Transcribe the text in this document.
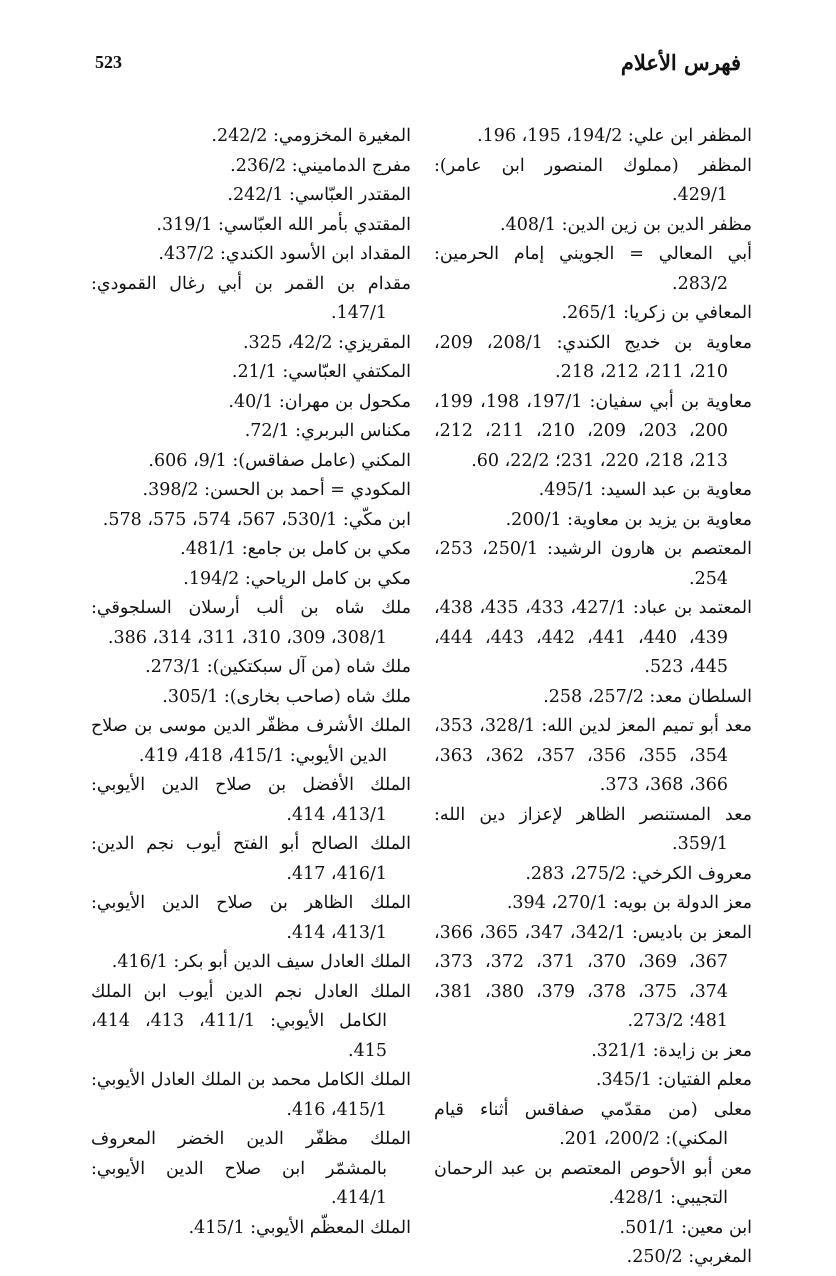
فهرس الأعلام
523
المظفر ابن علي: 194/2، 195، 196.
المظفر (مملوك المنصور ابن عامر): 429/1.
مظفر الدين بن زين الدين: 408/1.
أبي المعالي = الجويني إمام الحرمين: 283/2.
المعافي بن زكريا: 265/1.
معاوية بن خديج الكندي: 208/1، 209، 210، 211، 212، 218.
معاوية بن أبي سفيان: 197/1، 198، 199، 200، 203، 209، 210، 211، 212، 213، 218، 220، 231؛ 22/2، 60.
معاوية بن عبد السيد: 495/1.
معاوية بن يزيد بن معاوية: 200/1.
المعتصم بن هارون الرشيد: 250/1، 253، 254.
المعتمد بن عباد: 427/1، 433، 435، 438، 439، 440، 441، 442، 443، 444، 445، 523.
السلطان معد: 257/2، 258.
معد أبو تميم المعز لدين الله: 328/1، 353، 354، 355، 356، 357، 362، 363، 366، 368، 373.
معد المستنصر الظاهر لإعزاز دين الله: 359/1.
معروف الكرخي: 275/2، 283.
معز الدولة بن بويه: 270/1، 394.
المعز بن باديس: 342/1، 347، 365، 366، 367، 369، 370، 371، 372، 373، 374، 375، 378، 379، 380، 381، 481؛ 273/2.
معز بن زايدة: 321/1.
معلم الفتيان: 345/1.
معلى (من مقدّمي صفاقس أثناء قيام المكني): 200/2، 201.
معن أبو الأحوص المعتصم بن عبد الرحمان التجيبي: 428/1.
ابن معين: 501/1.
المغربي: 250/2.
المغيرة المخزومي: 242/2.
مفرج الدماميني: 236/2.
المقتدر العبّاسي: 242/1.
المقتدي بأمر الله العبّاسي: 319/1.
المقداد ابن الأسود الكندي: 437/2.
مقدام بن القمر بن أبي رغال القمودي: 147/1.
المقريزي: 42/2، 325.
المكتفي العبّاسي: 21/1.
مكحول بن مهران: 40/1.
مكناس البربري: 72/1.
المكني (عامل صفاقس): 9/1، 606.
المكودي = أحمد بن الحسن: 398/2.
ابن مكّي: 530/1، 567، 574، 575، 578.
مكي بن كامل بن جامع: 481/1.
مكي بن كامل الرياحي: 194/2.
ملك شاه بن ألب أرسلان السلجوقي: 308/1، 309، 310، 311، 314، 386.
ملك شاه (من آل سبكتكين): 273/1.
ملك شاه (صاحب بخارى): 305/1.
الملك الأشرف مظفّر الدين موسى بن صلاح الدين الأيوبي: 415/1، 418، 419.
الملك الأفضل بن صلاح الدين الأيوبي: 413/1، 414.
الملك الصالح أبو الفتح أيوب نجم الدين: 416/1، 417.
الملك الظاهر بن صلاح الدين الأيوبي: 413/1، 414.
الملك العادل سيف الدين أبو بكر: 416/1.
الملك العادل نجم الدين أيوب ابن الملك الكامل الأيوبي: 411/1، 413، 414، 415.
الملك الكامل محمد بن الملك العادل الأيوبي: 415/1، 416.
الملك مظفّر الدين الخضر المعروف بالمشمّر ابن صلاح الدين الأيوبي: 414/1.
الملك المعظّم الأيوبي: 415/1.
